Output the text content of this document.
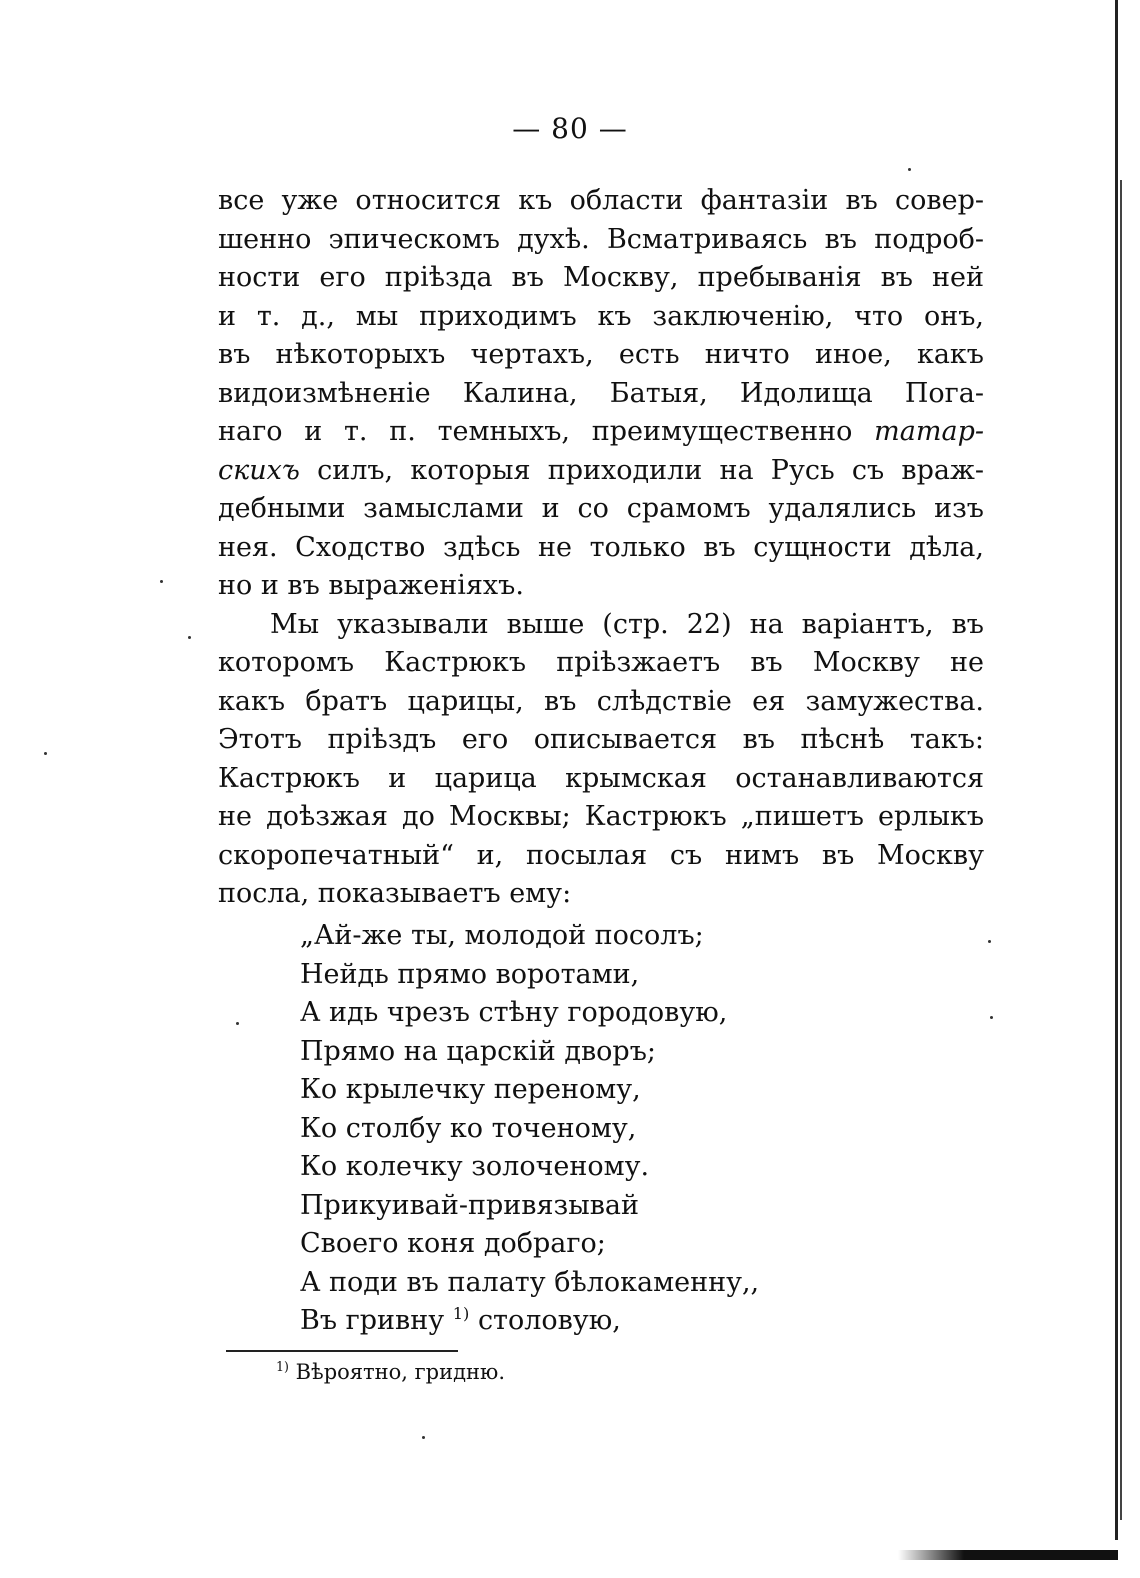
— 80 —
все уже относится къ области фантазіи въ совер-
шенно эпическомъ духѣ. Всматриваясь въ подроб-
ности его пріѣзда въ Москву, пребыванія въ ней
и т. д., мы приходимъ къ заключенію, что онъ,
въ нѣкоторыхъ чертахъ, есть ничто иное, какъ
видоизмѣненіе Калина, Батыя, Идолища Пога-
наго и т. п. темныхъ, преимущественно татар-
скихъ силъ, которыя приходили на Русь съ враж-
дебными замыслами и со срамомъ удалялись изъ
нея. Сходство здѣсь не только въ сущности дѣла,
но и въ выраженіяхъ.
Мы указывали выше (стр. 22) на варіантъ, въ
которомъ Кастрюкъ пріѣзжаетъ въ Москву не
какъ братъ царицы, въ слѣдствіе ея замужества.
Этотъ пріѣздъ его описывается въ пѣснѣ такъ:
Кастрюкъ и царица крымская останавливаются
не доѣзжая до Москвы; Кастрюкъ „пишетъ ерлыкъ
скоропечатный“ и, посылая съ нимъ въ Москву
посла, показываетъ ему:
„Ай-же ты, молодой посолъ;
Нейдь прямо воротами,
А идь чрезъ стѣну городовую,
Прямо на царскій дворъ;
Ко крылечку переному,
Ко столбу ко точеному,
Ко колечку золоченому.
Прикуивай-привязывай
Своего коня добраго;
А поди въ палату бѣлокаменну,,
Въ гривну $^{1)}$ столовую,
$^{1)}$ Вѣроятно, гридню.
